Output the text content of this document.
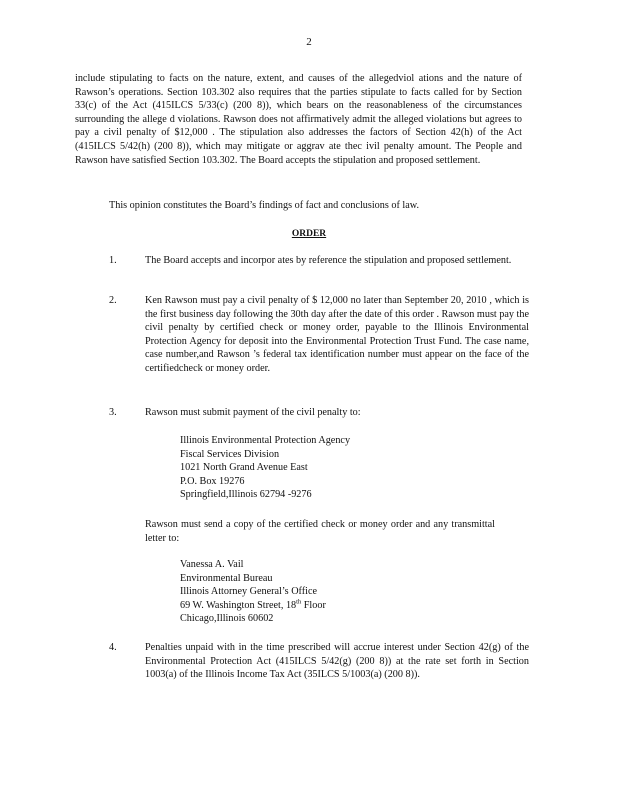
2

include stipulating to facts on the nature, extent, and causes of the allegedviol ations and the nature of Rawson’s operations. Section 103.302 also requires that the parties stipulate to facts called for by Section 33(c) of the Act (415ILCS 5/33(c) (200 8)), which bears on the reasonableness of the circumstances surrounding the allege d violations. Rawson does not affirmatively admit the alleged violations but agrees to pay a civil penalty of $12,000 . The stipulation also addresses the factors of Section 42(h) of the Act (415ILCS 5/42(h) (200 8)), which may mitigate or aggrav ate thec ivil penalty amount. The People and Rawson have satisfied Section 103.302. The Board accepts the stipulation and proposed settlement.

This opinion constitutes the Board’s findings of fact and conclusions of law.

ORDER
1.	The Board accepts and incorpor ates by reference the stipulation and proposed settlement.

2.	Ken Rawson must pay a civil penalty of $ 12,000 no later than September 20, 2010 , which is the first business day following the 30th day after the date of this order . Rawson must pay the civil penalty by certified check or money order, payable to the Illinois Environmental Protection Agency for deposit into the Environmental Protection Trust Fund. The case name, case number,and Rawson ’s federal tax identification number must appear on the face of the certifiedcheck or money order.

3.	Rawson must submit payment of the civil penalty to:

Illinois Environmental Protection Agency
Fiscal Services Division
1021 North Grand Avenue East
P.O. Box 19276
Springfield,Illinois 62794 -9276

Rawson must send a copy of the certified check or money order and any transmittal letter to:

Vanessa A. Vail
Environmental Bureau
Illinois Attorney General’s Office
69 W. Washington Street, 18th Floor
Chicago,Illinois 60602
4.	Penalties unpaid with in the time prescribed will accrue interest under Section 42(g) of the Environmental Protection Act (415ILCS 5/42(g) (200 8)) at the rate set forth in Section 1003(a) of the Illinois Income Tax Act (35ILCS 5/1003(a) (200 8)).
